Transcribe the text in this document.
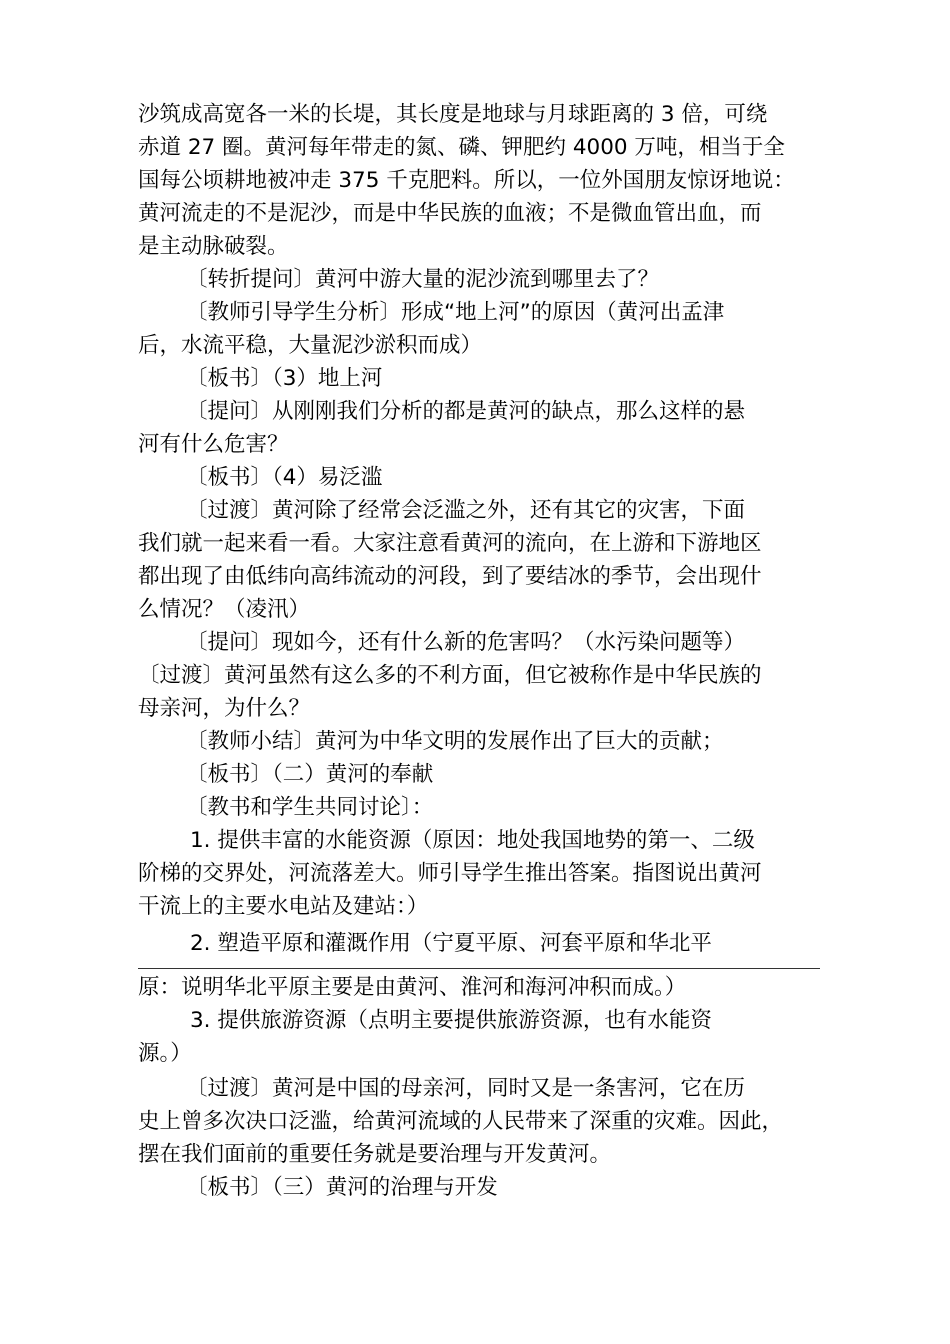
沙筑成高宽各一米的长堤，其长度是地球与月球距离的 3 倍，可绕
赤道 27 圈。黄河每年带走的氮、磷、钾肥约 4000 万吨，相当于全
国每公顷耕地被冲走 375 千克肥料。所以，一位外国朋友惊讶地说：
黄河流走的不是泥沙，而是中华民族的血液；不是微血管出血，而
是主动脉破裂。
〔转折提问〕黄河中游大量的泥沙流到哪里去了？
〔教师引导学生分析〕形成“地上河”的原因（黄河出孟津
后，水流平稳，大量泥沙淤积而成）
〔板书〕（3）地上河
〔提问〕从刚刚我们分析的都是黄河的缺点，那么这样的悬
河有什么危害？
〔板书〕（4）易泛滥
〔过渡〕黄河除了经常会泛滥之外，还有其它的灾害，下面
我们就一起来看一看。大家注意看黄河的流向，在上游和下游地区
都出现了由低纬向高纬流动的河段，到了要结冰的季节，会出现什
么情况？（凌汛）
〔提问〕现如今，还有什么新的危害吗？（水污染问题等）
〔过渡〕黄河虽然有这么多的不利方面，但它被称作是中华民族的
母亲河，为什么？
〔教师小结〕黄河为中华文明的发展作出了巨大的贡献；
〔板书〕（二）黄河的奉献
〔教书和学生共同讨论〕：
1. 提供丰富的水能资源（原因：地处我国地势的第一、二级
阶梯的交界处，河流落差大。师引导学生推出答案。指图说出黄河
干流上的主要水电站及建站：）
2. 塑造平原和灌溉作用（宁夏平原、河套平原和华北平
原：说明华北平原主要是由黄河、淮河和海河冲积而成。）
3. 提供旅游资源（点明主要提供旅游资源，也有水能资
源。）
〔过渡〕黄河是中国的母亲河，同时又是一条害河，它在历
史上曾多次决口泛滥，给黄河流域的人民带来了深重的灾难。因此，
摆在我们面前的重要任务就是要治理与开发黄河。
〔板书〕（三）黄河的治理与开发
